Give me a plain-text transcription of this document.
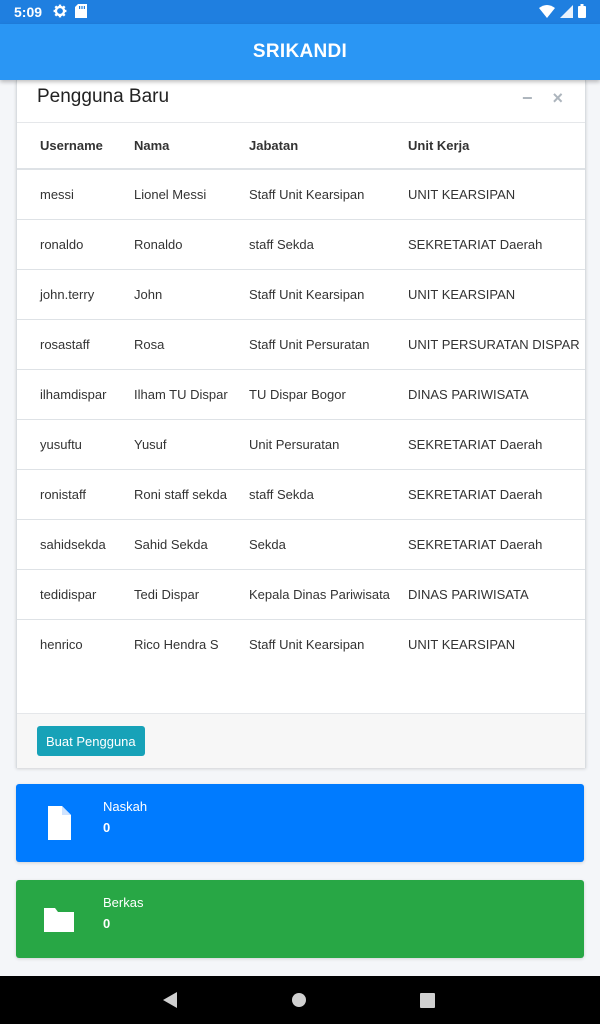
5:09
SRIKANDI
Pengguna Baru	− ×
Username	Nama	Jabatan	Unit Kerja
messi	Lionel Messi	Staff Unit Kearsipan	UNIT KEARSIPAN
ronaldo	Ronaldo	staff Sekda	SEKRETARIAT Daerah
john.terry	John	Staff Unit Kearsipan	UNIT KEARSIPAN
rosastaff	Rosa	Staff Unit Persuratan	UNIT PERSURATAN DISPAR
ilhamdispar	Ilham TU Dispar	TU Dispar Bogor	DINAS PARIWISATA
yusuftu	Yusuf	Unit Persuratan	SEKRETARIAT Daerah
ronistaff	Roni staff sekda	staff Sekda	SEKRETARIAT Daerah
sahidsekda	Sahid Sekda	Sekda	SEKRETARIAT Daerah
tedidispar	Tedi Dispar	Kepala Dinas Pariwisata	DINAS PARIWISATA
henrico	Rico Hendra S	Staff Unit Kearsipan	UNIT KEARSIPAN
Buat Pengguna
Naskah
0
Berkas
0
